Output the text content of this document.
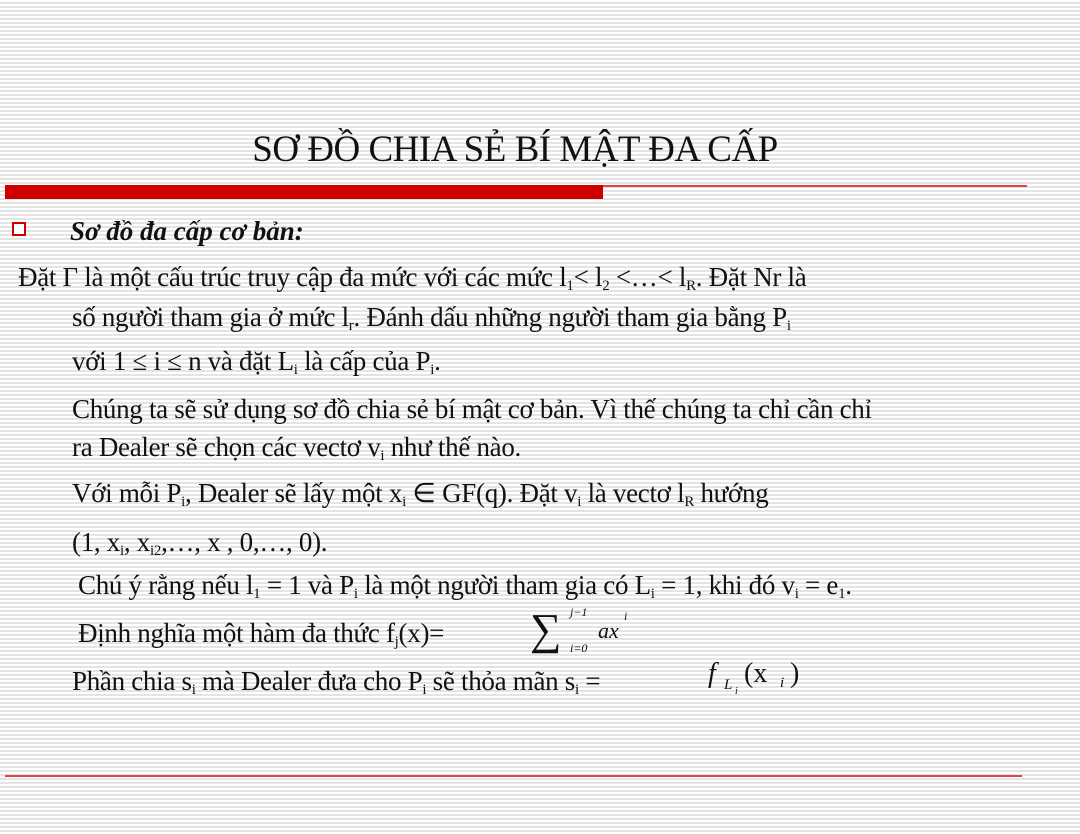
SƠ ĐỒ CHIA SẺ BÍ MẬT ĐA CẤP
Sơ đồ đa cấp cơ bản:
Đặt Γ là một cấu trúc truy cập đa mức với các mức $l_1< l_2$ <…< $l_R$. Đặt Nr là
số người tham gia ở mức $l_r$. Đánh dấu những người tham gia bằng $P_i$
với 1 ≤ i ≤ n và đặt $L_i$ là cấp của $P_i$.
Chúng ta sẽ sử dụng sơ đồ chia sẻ bí mật cơ bản. Vì thế chúng ta chỉ cần chỉ
ra Dealer sẽ chọn các vectơ $v_i$ như thế nào.
Với mỗi $P_i$, Dealer sẽ lấy một $x_i$ ∈ GF(q). Đặt $v_i$ là vectơ $l_R$ hướng
(1, $x_i$, $x_{i2},\dots$, x , 0,…, 0).
Chú ý rằng nếu $l_1 = 1$ và $P_i$ là một người tham gia có $L_i = 1$, khi đó $v_i = e_1$.
Định nghĩa một hàm đa thức $f_j(x)=$
Phần chia $s_i$ mà Dealer đưa cho $P_i$ sẽ thỏa mãn $s_i$ =
∑ j−1
i=0
ax
i
f L i
(x i )
